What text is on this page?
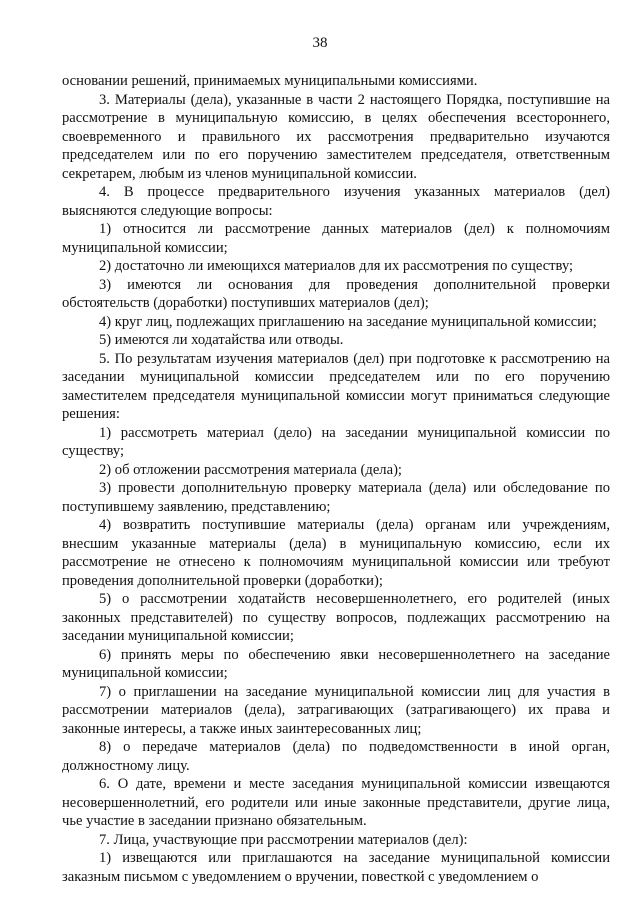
38

основании решений, принимаемых муниципальными комиссиями.

3. Материалы (дела), указанные в части 2 настоящего Порядка, поступившие на рассмотрение в муниципальную комиссию, в целях обеспечения всестороннего, своевременного и правильного их рассмотрения предварительно изучаются председателем или по его поручению заместителем председателя, ответственным секретарем, любым из членов муниципальной комиссии.

4. В процессе предварительного изучения указанных материалов (дел) выясняются следующие вопросы:

1) относится ли рассмотрение данных материалов (дел) к полномочиям муниципальной комиссии;

2) достаточно ли имеющихся материалов для их рассмотрения по существу;

3) имеются ли основания для проведения дополнительной проверки обстоятельств (доработки) поступивших материалов (дел);

4) круг лиц, подлежащих приглашению на заседание муниципальной комиссии;

5) имеются ли ходатайства или отводы.

5. По результатам изучения материалов (дел) при подготовке к рассмотрению на заседании муниципальной комиссии председателем или по его поручению заместителем председателя муниципальной комиссии могут приниматься следующие решения:

1) рассмотреть материал (дело) на заседании муниципальной комиссии по существу;

2) об отложении рассмотрения материала (дела);

3) провести дополнительную проверку материала (дела) или обследование по поступившему заявлению, представлению;

4) возвратить поступившие материалы (дела) органам или учреждениям, внесшим указанные материалы (дела) в муниципальную комиссию, если их рассмотрение не отнесено к полномочиям муниципальной комиссии или требуют проведения дополнительной проверки (доработки);

5) о рассмотрении ходатайств несовершеннолетнего, его родителей (иных законных представителей) по существу вопросов, подлежащих рассмотрению на заседании муниципальной комиссии;

6) принять меры по обеспечению явки несовершеннолетнего на заседание муниципальной комиссии;

7) о приглашении на заседание муниципальной комиссии лиц для участия в рассмотрении материалов (дела), затрагивающих (затрагивающего) их права и законные интересы, а также иных заинтересованных лиц;

8) о передаче материалов (дела) по подведомственности в иной орган, должностному лицу.

6. О дате, времени и месте заседания муниципальной комиссии извещаются несовершеннолетний, его родители или иные законные представители, другие лица, чье участие в заседании признано обязательным.

7. Лица, участвующие при рассмотрении материалов (дел):

1) извещаются или приглашаются на заседание муниципальной комиссии заказным письмом с уведомлением о вручении, повесткой с уведомлением о
